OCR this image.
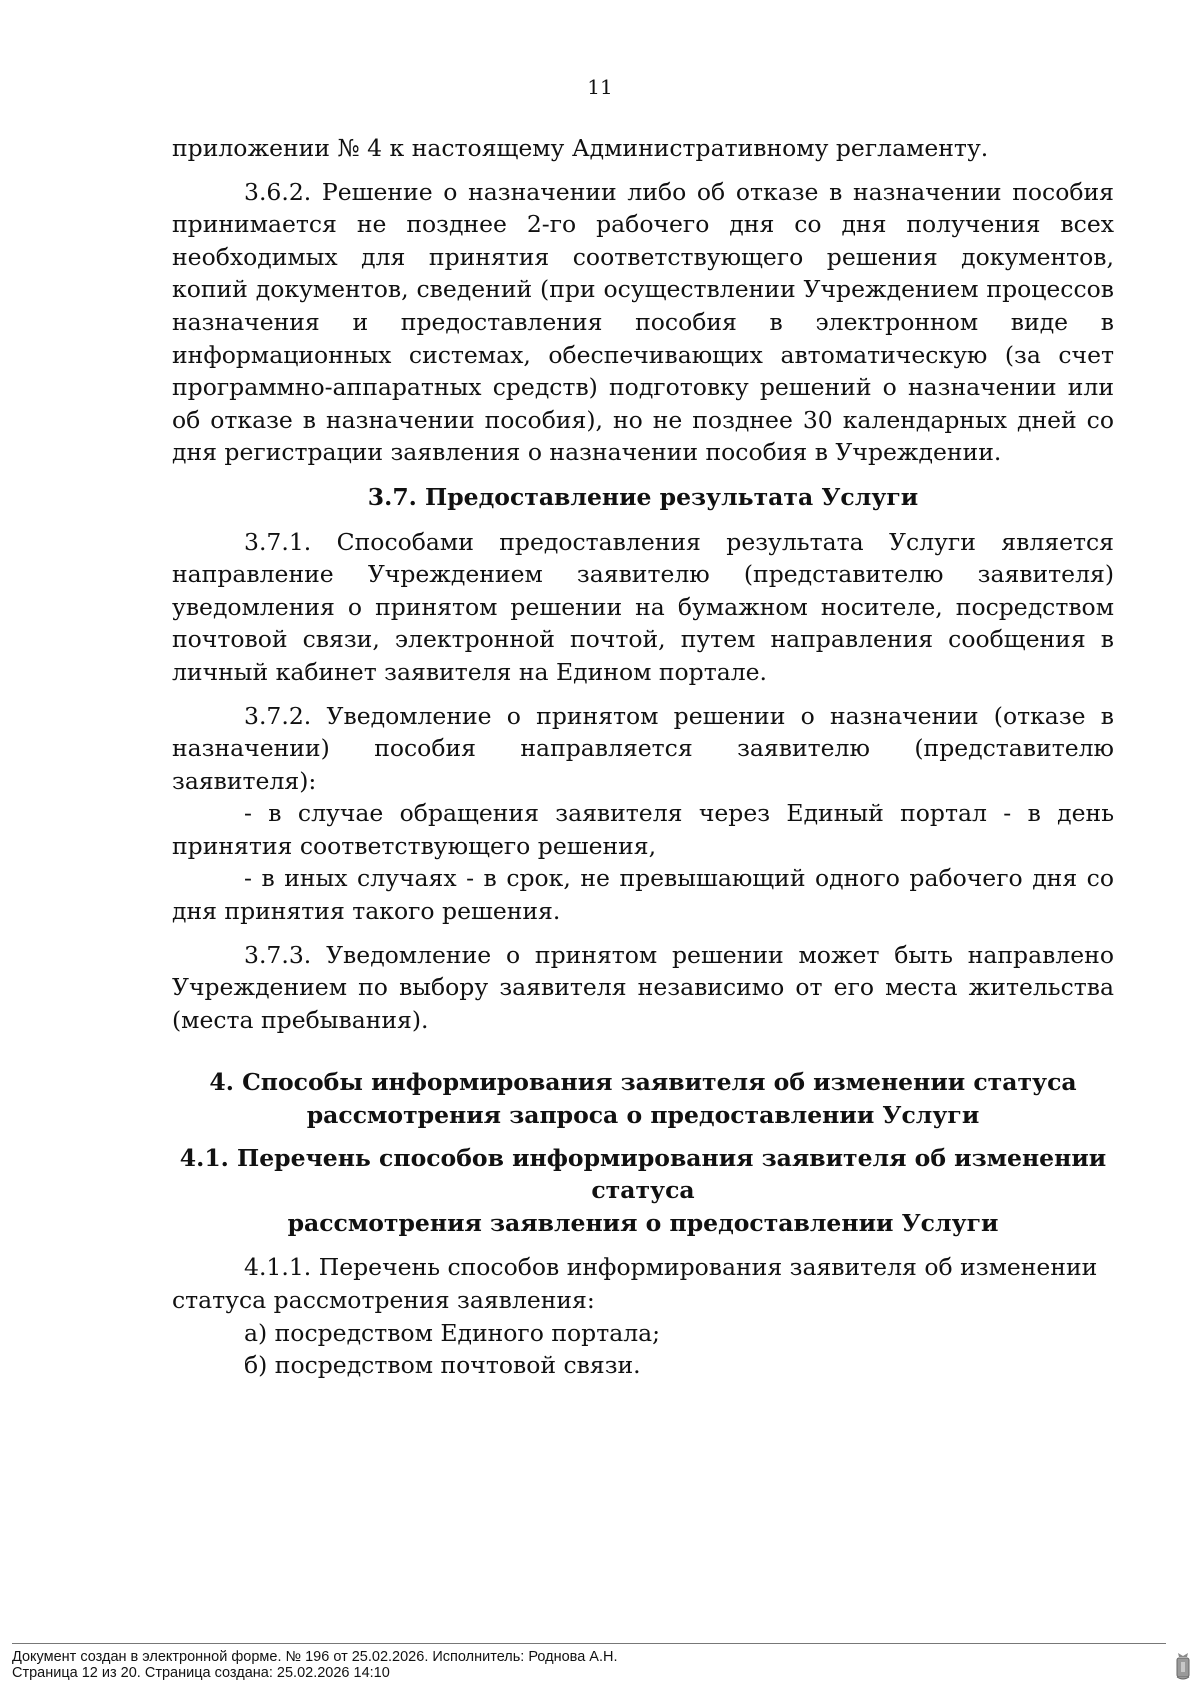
11

приложении № 4 к настоящему Административному регламенту.

3.6.2. Решение о назначении либо об отказе в назначении пособия принимается не позднее 2-го рабочего дня со дня получения всех необходимых для принятия соответствующего решения документов, копий документов, сведений (при осуществлении Учреждением процессов назначения и предоставления пособия в электронном виде в информационных системах, обеспечивающих автоматическую (за счет программно-аппаратных средств) подготовку решений о назначении или об отказе в назначении пособия), но не позднее 30 календарных дней со дня регистрации заявления о назначении пособия в Учреждении.

3.7. Предоставление результата Услуги

3.7.1. Способами предоставления результата Услуги является направление Учреждением заявителю (представителю заявителя) уведомления о принятом решении на бумажном носителе, посредством почтовой связи, электронной почтой, путем направления сообщения в личный кабинет заявителя на Едином портале.

3.7.2. Уведомление о принятом решении о назначении (отказе в назначении) пособия направляется заявителю (представителю заявителя):

- в случае обращения заявителя через Единый портал - в день принятия соответствующего решения,

- в иных случаях - в срок, не превышающий одного рабочего дня со дня принятия такого решения.

3.7.3. Уведомление о принятом решении может быть направлено Учреждением по выбору заявителя независимо от его места жительства (места пребывания).

4. Способы информирования заявителя об изменении статуса

рассмотрения запроса о предоставлении Услуги

4.1. Перечень способов информирования заявителя об изменении статуса

рассмотрения заявления о предоставлении Услуги

4.1.1. Перечень способов информирования заявителя об изменении статуса рассмотрения заявления:

а) посредством Единого портала;

б) посредством почтовой связи.

Документ создан в электронной форме. № 196 от 25.02.2026. Исполнитель: Роднова А.Н.
Страница 12 из 20. Страница создана: 25.02.2026 14:10
